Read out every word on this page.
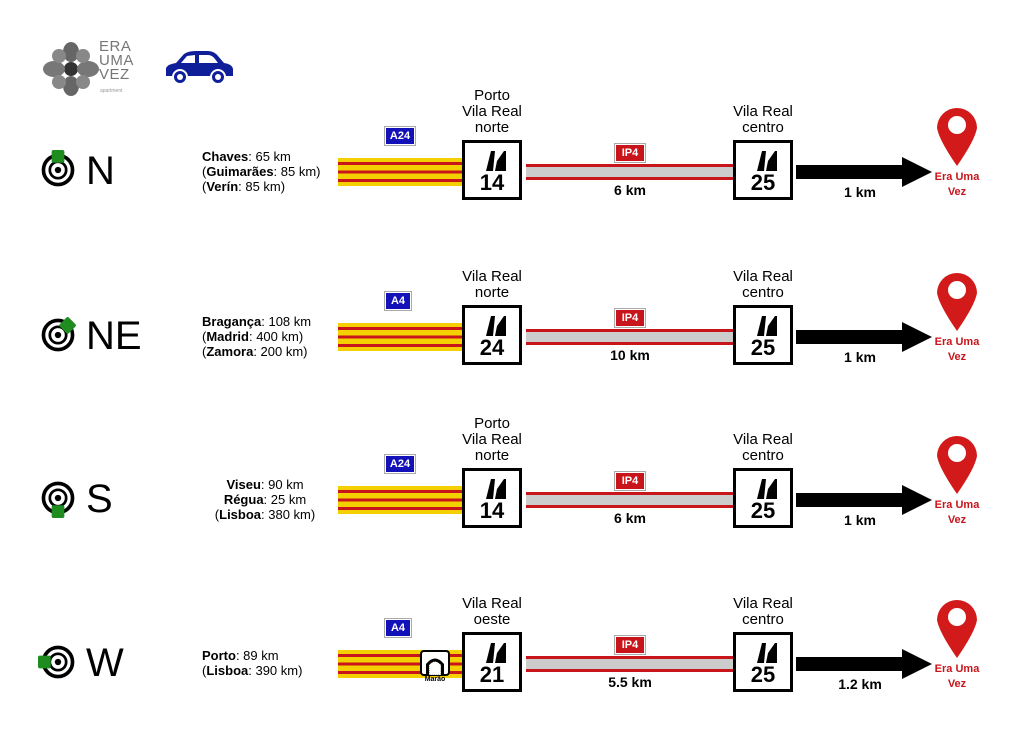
ERA
UMA
VEZ
apartment
N	Chaves: 65 km
(Guimarães: 85 km)
(Verín: 85 km)
A24
14
Porto
Vila Real
norte
25
Vila Real
centro
IP4
6 km	1 km
Era Uma
Vez
NE	Bragança: 108 km
(Madrid: 400 km)
(Zamora: 200 km)
A4
24
Vila Real
norte
25
Vila Real
centro
IP4
10 km	1 km
Era Uma
Vez
S	Viseu: 90 km
Régua: 25 km
(Lisboa: 380 km)
A24
14
Porto
Vila Real
norte
25
Vila Real
centro
IP4
6 km	1 km
Era Uma
Vez
W	Porto: 89 km
(Lisboa: 390 km)
A4
Marão	21
Vila Real
oeste
25
Vila Real
centro
IP4
5.5 km	1.2 km
Era Uma
Vez
